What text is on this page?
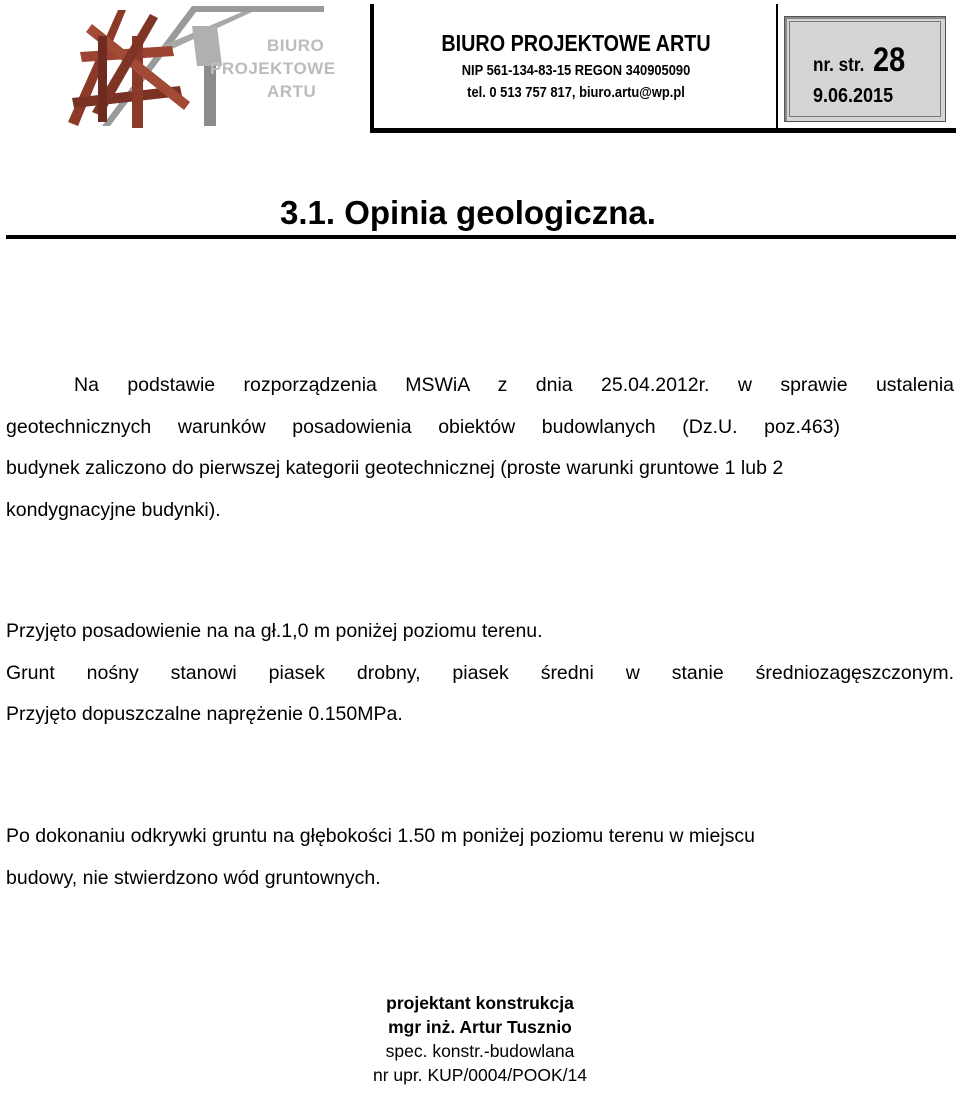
BIURO
PROJEKTOWE
ARTU
BIURO PROJEKTOWE ARTU
NIP 561-134-83-15 REGON 340905090
tel. 0 513 757 817, biuro.artu@wp.pl
nr. str. 28
9.06.2015
3.1. Opinia geologiczna.
Na podstawie rozporządzenia MSWiA z dnia 25.04.2012r. w sprawie ustalenia
geotechnicznych warunków posadowienia obiektów budowlanych (Dz.U. poz.463)
budynek zaliczono do pierwszej kategorii geotechnicznej (proste warunki gruntowe 1 lub 2
kondygnacyjne budynki).
Przyjęto posadowienie na na gł.1,0 m poniżej poziomu terenu.
Grunt nośny stanowi piasek drobny, piasek średni w stanie średniozagęszczonym.
Przyjęto dopuszczalne naprężenie 0.150MPa.
Po dokonaniu odkrywki gruntu na głębokości 1.50 m poniżej poziomu terenu w miejscu
budowy, nie stwierdzono wód gruntownych.
projektant konstrukcja
mgr inż. Artur Tusznio
spec. konstr.-budowlana
nr upr. KUP/0004/POOK/14
